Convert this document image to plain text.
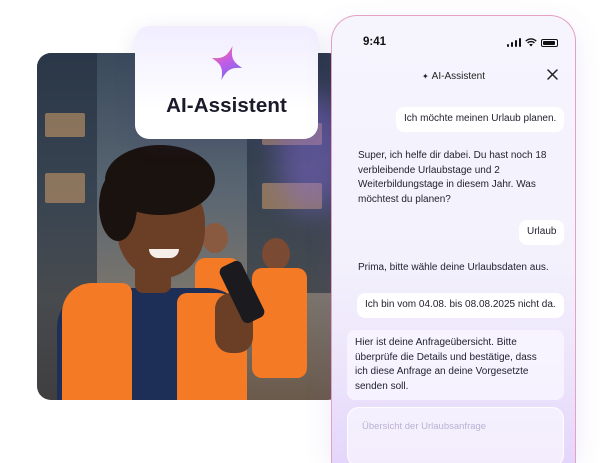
AI-Assistent
9:41
✦ AI-Assistent
Ich möchte meinen Urlaub planen.
Super, ich helfe dir dabei. Du hast noch 18
verbleibende Urlaubstage und 2
Weiterbildungstage in diesem Jahr. Was
möchtest du planen?
Urlaub
Prima, bitte wähle deine Urlaubsdaten aus.
Ich bin vom 04.08. bis 08.08.2025 nicht da.
Hier ist deine Anfrageübersicht. Bitte
überprüfe die Details und bestätige, dass
ich diese Anfrage an deine Vorgesetzte
senden soll.
Übersicht der Urlaubsanfrage
